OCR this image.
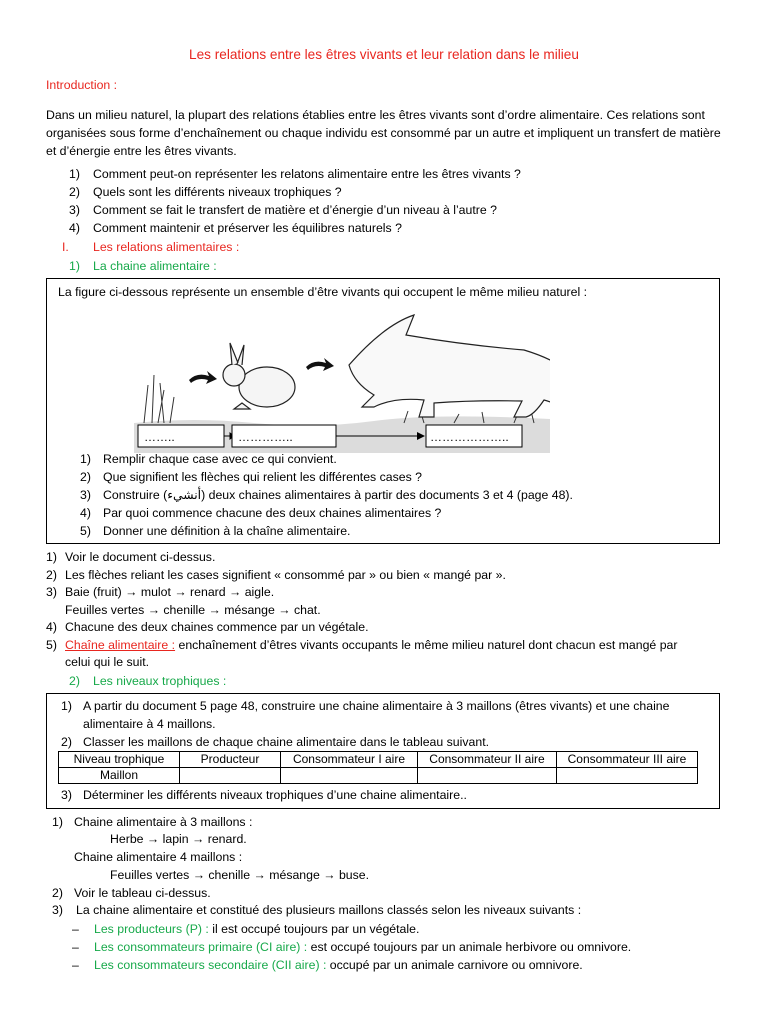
Les relations entre les êtres vivants et leur relation dans le milieu
Introduction :
Dans un milieu naturel, la plupart des relations établies entre les êtres vivants sont d’ordre alimentaire. Ces relations sont organisées sous forme d’enchaînement ou chaque individu est consommé par un autre et impliquent un transfert de matière et d’énergie entre les êtres vivants.
1) Comment peut-on représenter les relatons alimentaire entre les êtres vivants ?
2) Quels sont les différents niveaux trophiques ?
3) Comment se fait le transfert de matière et d’énergie d’un niveau à l’autre ?
4) Comment maintenir et préserver les équilibres naturels ?
I. Les relations alimentaires :
1) La chaine alimentaire :
La figure ci-dessous représente un ensemble d’être vivants qui occupent le même milieu naturel :
……..	…………..	………………..
1) Remplir chaque case avec ce qui convient.
2) Que signifient les flèches qui relient les différentes cases ?
3) Construire (أنشيء) deux chaines alimentaires à partir des documents 3 et 4 (page 48).
4) Par quoi commence chacune des deux chaines alimentaires ?
5) Donner une définition à la chaîne alimentaire.
1) Voir le document ci-dessus.
2) Les flèches reliant les cases signifient « consommé par » ou bien « mangé par ».
3) Baie (fruit) → mulot → renard → aigle.
Feuilles vertes → chenille → mésange → chat.
4) Chacune des deux chaines commence par un végétale.
5) Chaîne alimentaire : enchaînement d’êtres vivants occupants le même milieu naturel dont chacun est mangé par
celui qui le suit.
2) Les niveaux trophiques :
1) A partir du document 5 page 48, construire une chaine alimentaire à 3 maillons (êtres vivants) et une chaine
alimentaire à 4 maillons.
2) Classer les maillons de chaque chaine alimentaire dans le tableau suivant.
Niveau trophique	Producteur	Consommateur I aire	Consommateur II aire	Consommateur III aire
Maillon				
3) Déterminer les différents niveaux trophiques d’une chaine alimentaire..
1) Chaine alimentaire à 3 maillons :
Herbe → lapin → renard.
Chaine alimentaire 4 maillons :
Feuilles vertes → chenille → mésange → buse.
2) Voir le tableau ci-dessus.
3) La chaine alimentaire et constitué des plusieurs maillons classés selon les niveaux suivants :
– Les producteurs (P) : il est occupé toujours par un végétale.
– Les consommateurs primaire (CI aire) : est occupé toujours par un animale herbivore ou omnivore.
– Les consommateurs secondaire (CII aire) : occupé par un animale carnivore ou omnivore.
